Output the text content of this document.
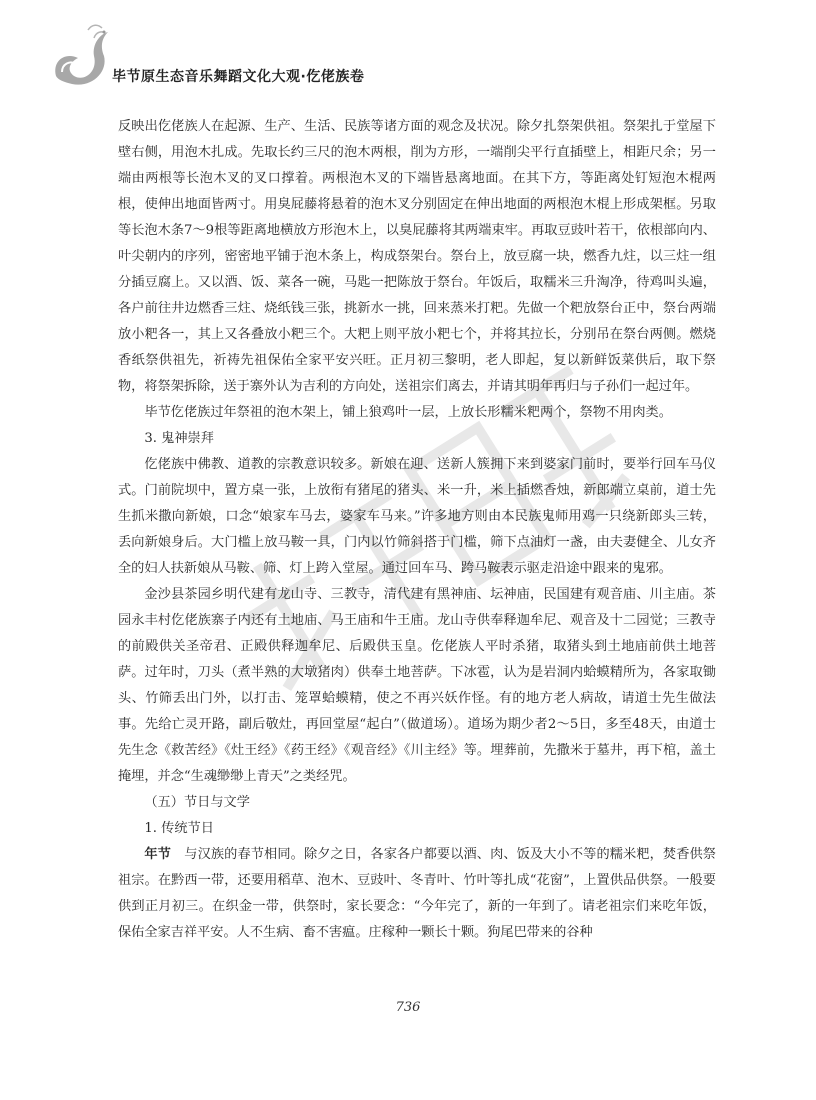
毕节原生态音乐舞蹈文化大观·仡佬族卷

反映出仡佬族人在起源、生产、生活、民族等诸方面的观念及状况。除夕扎祭架供祖。祭架扎于堂屋下壁右侧，用泡木扎成。先取长约三尺的泡木两根，削为方形，一端削尖平行直插壁上，相距尺余；另一端由两根等长泡木叉的叉口撑着。两根泡木叉的下端皆悬离地面。在其下方，等距离处钉短泡木棍两根，使伸出地面皆两寸。用臭屁藤将悬着的泡木叉分别固定在伸出地面的两根泡木棍上形成架框。另取等长泡木条7～9根等距离地横放方形泡木上，以臭屁藤将其两端束牢。再取豆豉叶若干，依根部向内、叶尖朝内的序列，密密地平铺于泡木条上，构成祭架台。祭台上，放豆腐一块，燃香九炷，以三炷一组分插豆腐上。又以酒、饭、菜各一碗，马匙一把陈放于祭台。年饭后，取糯米三升淘净，待鸡叫头遍，各户前往井边燃香三炷、烧纸钱三张，挑新水一挑，回来蒸米打粑。先做一个粑放祭台正中，祭台两端放小粑各一，其上又各叠放小粑三个。大粑上则平放小粑七个，并将其拉长，分别吊在祭台两侧。燃烧香纸祭供祖先，祈祷先祖保佑全家平安兴旺。正月初三黎明，老人即起，复以新鲜饭菜供后，取下祭物，将祭架拆除，送于寨外认为吉利的方向处，送祖宗们离去，并请其明年再归与子孙们一起过年。

毕节仡佬族过年祭祖的泡木架上，铺上狼鸡叶一层，上放长形糯米粑两个，祭物不用肉类。

3. 鬼神崇拜

仡佬族中佛教、道教的宗教意识较多。新娘在迎、送新人簇拥下来到婆家门前时，要举行回车马仪式。门前院坝中，置方桌一张，上放衔有猪尾的猪头、米一升，米上插燃香烛，新郎端立桌前，道士先生抓米撒向新娘，口念“娘家车马去，婆家车马来。”许多地方则由本民族鬼师用鸡一只绕新郎头三转，丢向新娘身后。大门槛上放马鞍一具，门内以竹筛斜搭于门槛，筛下点油灯一盏，由夫妻健全、儿女齐全的妇人扶新娘从马鞍、筛、灯上跨入堂屋。通过回车马、跨马鞍表示驱走沿途中跟来的鬼邪。

金沙县茶园乡明代建有龙山寺、三教寺，清代建有黑神庙、坛神庙，民国建有观音庙、川主庙。茶园永丰村仡佬族寨子内还有土地庙、马王庙和牛王庙。龙山寺供奉释迦牟尼、观音及十二园觉；三教寺的前殿供关圣帝君、正殿供释迦牟尼、后殿供玉皇。仡佬族人平时杀猪，取猪头到土地庙前供土地菩萨。过年时，刀头（煮半熟的大墩猪肉）供奉土地菩萨。下冰雹，认为是岩洞内蛤蟆精所为，各家取锄头、竹筛丢出门外，以打击、笼罩蛤蟆精，使之不再兴妖作怪。有的地方老人病故，请道士先生做法事。先给亡灵开路，副后敬灶，再回堂屋“起白”（做道场）。道场为期少者2～5日，多至48天，由道士先生念《救苦经》《灶王经》《药王经》《观音经》《川主经》等。埋葬前，先撒米于墓井，再下棺，盖土掩埋，并念“生魂缈缈上青天”之类经咒。

（五）节日与文学

1. 传统节日

年节　与汉族的春节相同。除夕之日，各家各户都要以酒、肉、饭及大小不等的糯米粑，焚香供祭祖宗。在黔西一带，还要用稻草、泡木、豆豉叶、冬青叶、竹叶等扎成“花窗”，上置供品供祭。一般要供到正月初三。在织金一带，供祭时，家长要念：“今年完了，新的一年到了。请老祖宗们来吃年饭，保佑全家吉祥平安。人不生病、畜不害瘟。庄稼种一颗长十颗。狗尾巴带来的谷种

736
